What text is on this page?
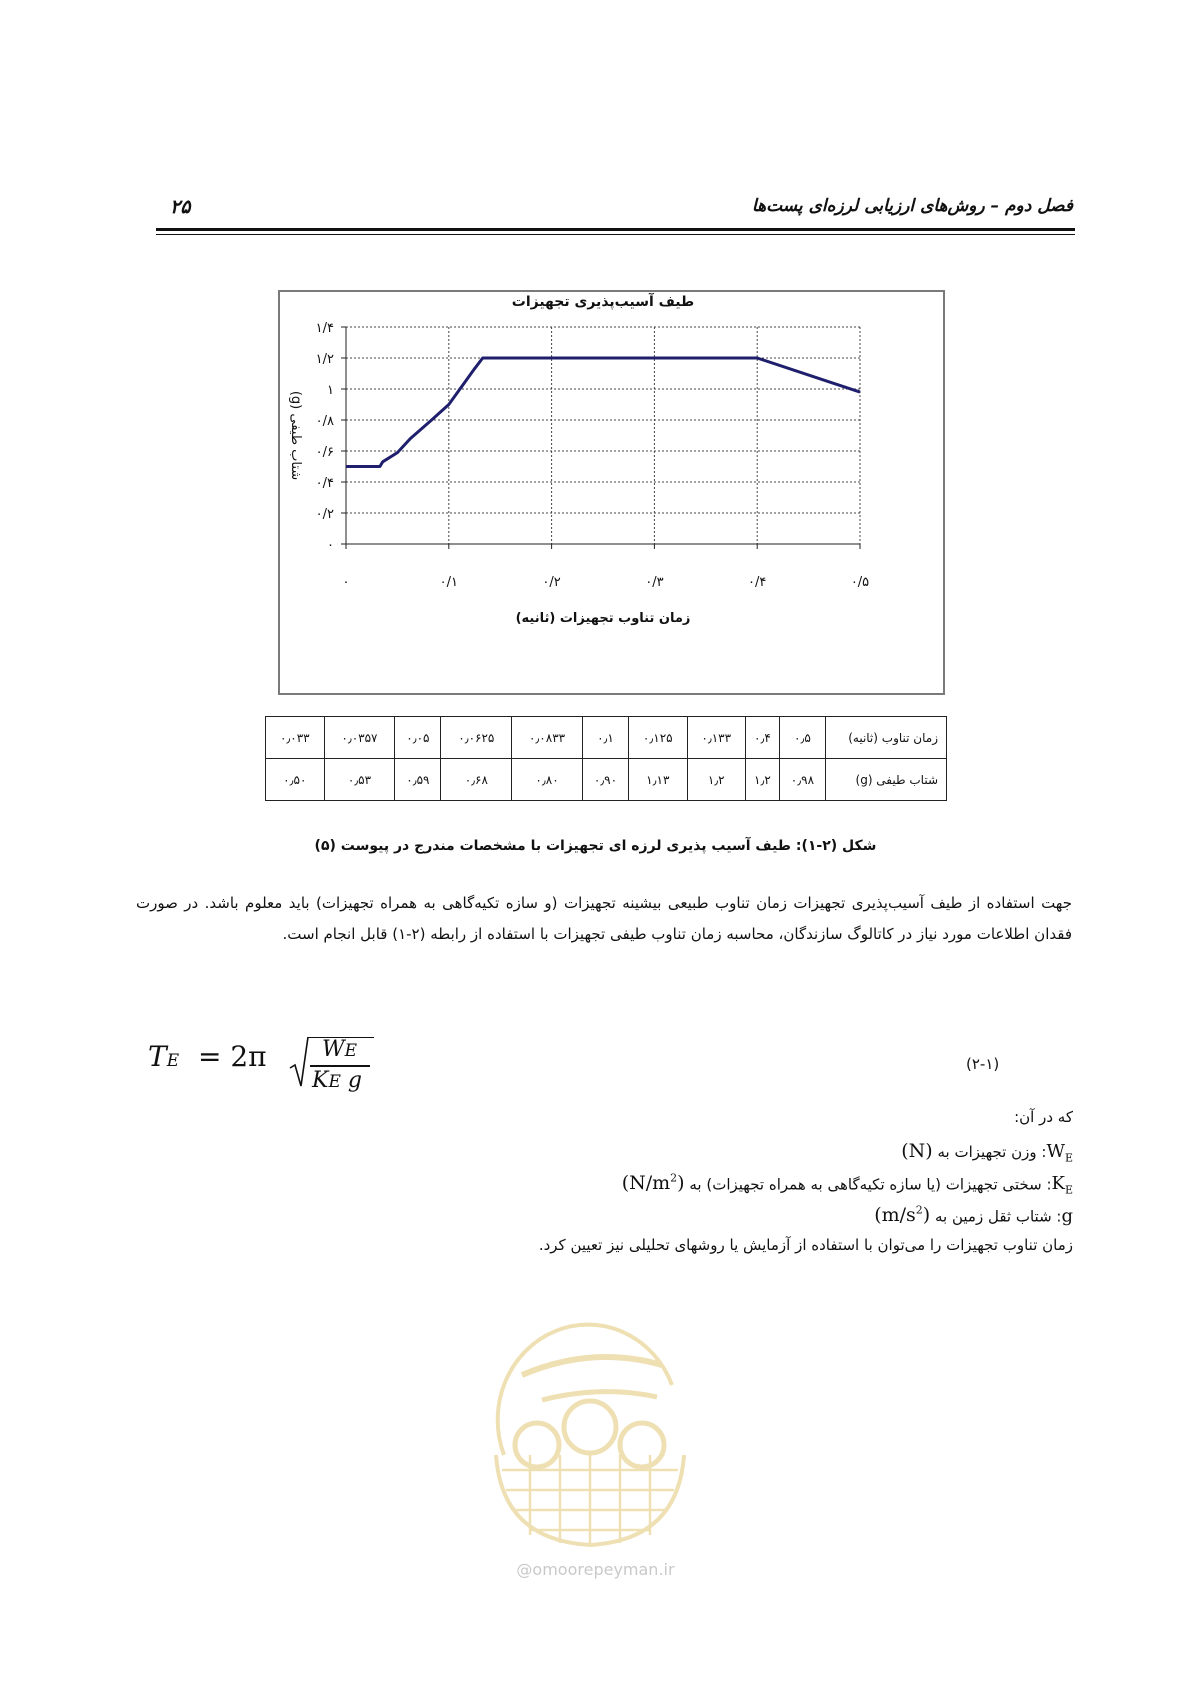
فصل دوم – روش‌های ارزیابی لرزه‌ای پست‌ها
۲۵
۰
۰/۲
۰/۴
۰/۶
۰/۸
۱
۱/۲
۱/۴
۰	۰/۱	۰/۲	۰/۳	۰/۴	۰/۵
طیف آسیب‌پذیری تجهیزات
زمان تناوب تجهیزات (ثانیه)
شتاب طیفی (g)
زمان تناوب (ثانیه)	۰٫۵	۰٫۴	۰٫۱۳۳	۰٫۱۲۵	۰٫۱	۰٫۰۸۳۳	۰٫۰۶۲۵	۰٫۰۵	۰٫۰۳۵۷	۰٫۰۳۳
شتاب طیفی (g)	۰٫۹۸	۱٫۲	۱٫۲	۱٫۱۳	۰٫۹۰	۰٫۸۰	۰٫۶۸	۰٫۵۹	۰٫۵۳	۰٫۵۰
شکل (۲-۱): طیف آسیب پذیری لرزه ای تجهیزات با مشخصات مندرج در پیوست (۵)
جهت استفاده از طیف آسیب‌پذیری تجهیزات زمان تناوب طبیعی بیشینه تجهیزات (و سازه تکیه‌گاهی به همراه تجهیزات) باید معلوم باشد. در صورت فقدان اطلاعات مورد نیاز در کاتالوگ سازندگان، محاسبه زمان تناوب طیفی تجهیزات با استفاده از رابطه (۲-۱) قابل انجام است.
TE = 2π	WE
KE g
(۲-۱)
که در آن:
$W_E$: وزن تجهیزات به (N)
$K_E$: سختی تجهیزات (یا سازه تکیه‌گاهی به همراه تجهیزات) به $(N/m^2)$
g: شتاب ثقل زمین به $(m/s^2)$
زمان تناوب تجهیزات را می‌توان با استفاده از آزمایش یا روشهای تحلیلی نیز تعیین کرد.
@omoorepeyman.ir
